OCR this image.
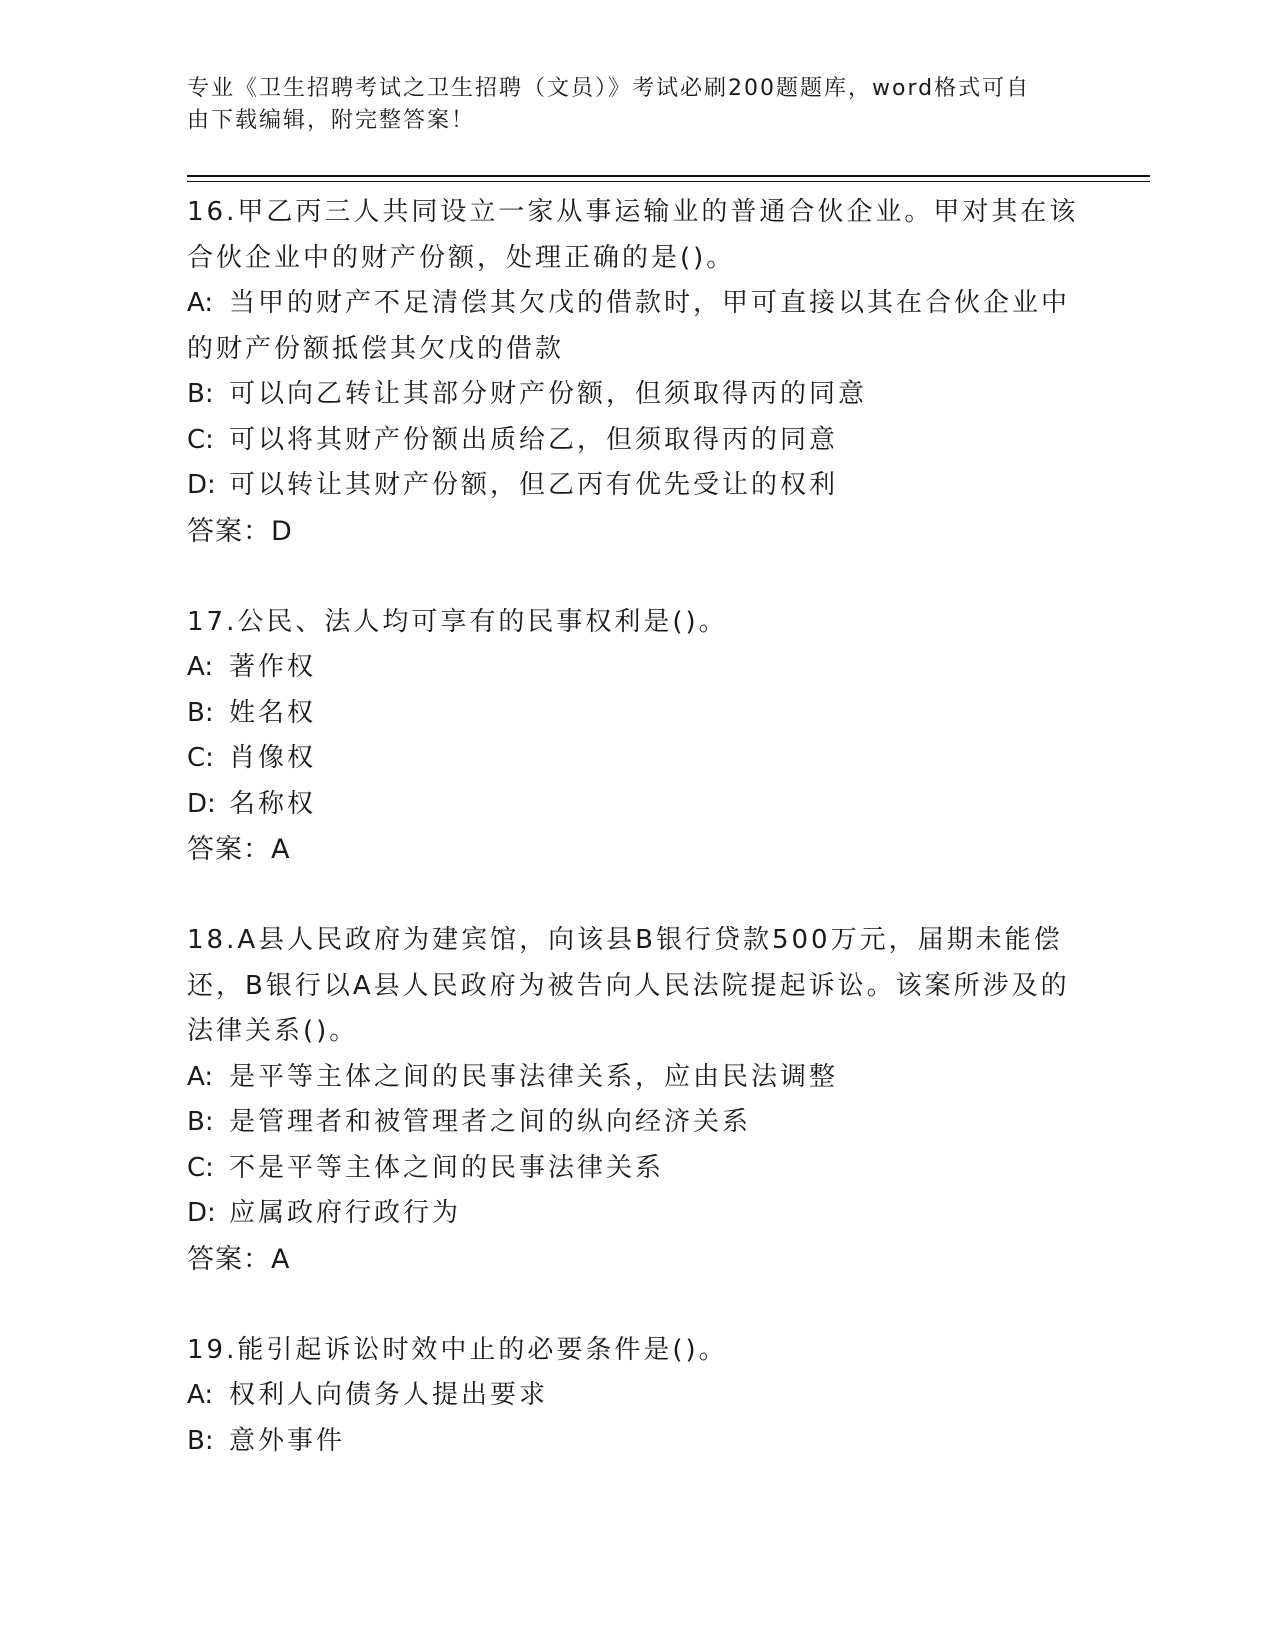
专业《卫生招聘考试之卫生招聘（文员）》考试必刷200题题库，word格式可自
由下载编辑，附完整答案！
16.甲乙丙三人共同设立一家从事运输业的普通合伙企业。甲对其在该合伙企业中的财产份额，处理正确的是()。
A: 当甲的财产不足清偿其欠戊的借款时，甲可直接以其在合伙企业中的财产份额抵偿其欠戊的借款
B: 可以向乙转让其部分财产份额，但须取得丙的同意
C: 可以将其财产份额出质给乙，但须取得丙的同意
D: 可以转让其财产份额，但乙丙有优先受让的权利
答案：D
17.公民、法人均可享有的民事权利是()。
A: 著作权
B: 姓名权
C: 肖像权
D: 名称权
答案：A
18.A县人民政府为建宾馆，向该县B银行贷款500万元，届期未能偿还，B银行以A县人民政府为被告向人民法院提起诉讼。该案所涉及的法律关系()。
A: 是平等主体之间的民事法律关系，应由民法调整
B: 是管理者和被管理者之间的纵向经济关系
C: 不是平等主体之间的民事法律关系
D: 应属政府行政行为
答案：A
19.能引起诉讼时效中止的必要条件是()。
A: 权利人向债务人提出要求
B: 意外事件
